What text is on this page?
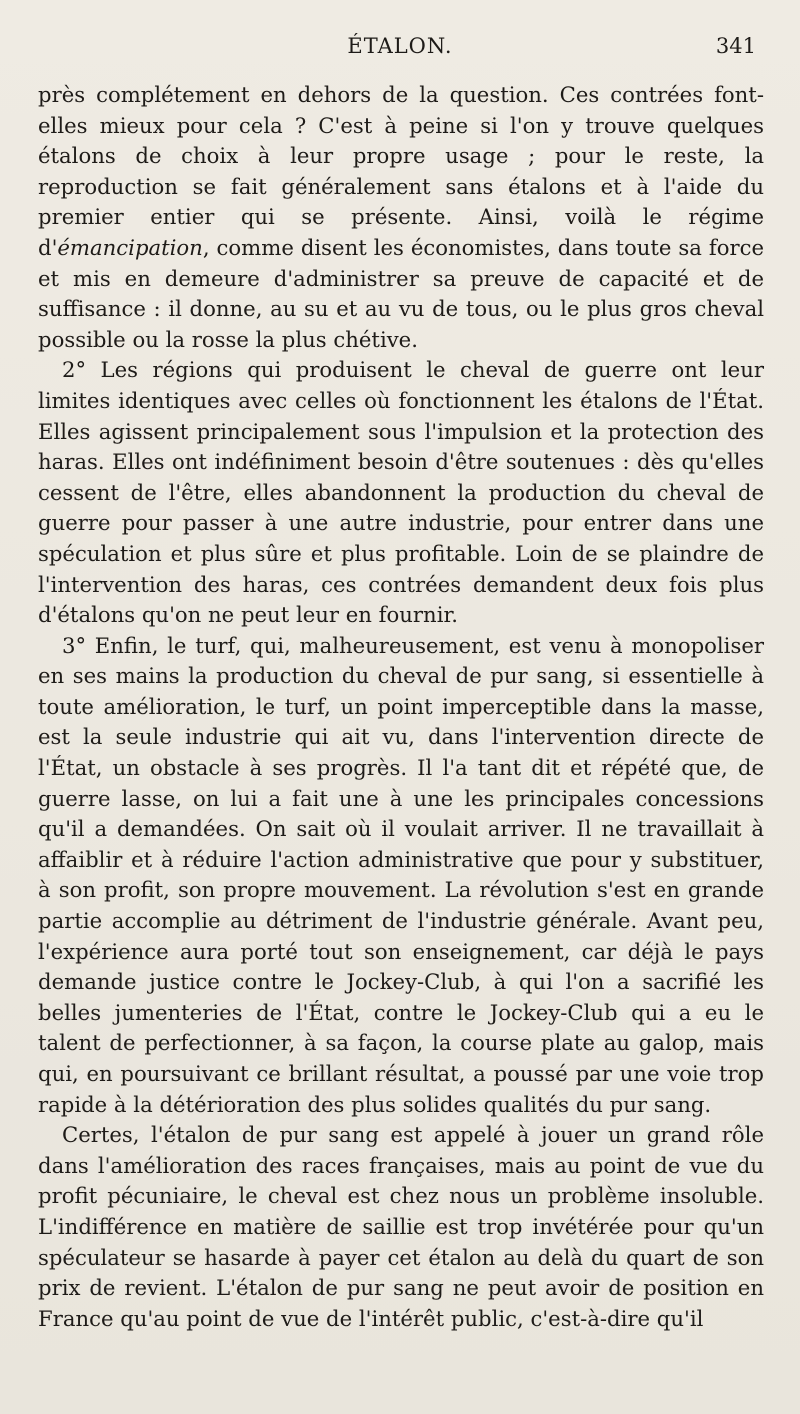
ÉTALON.	341

près complétement en dehors de la question. Ces contrées font-elles mieux pour cela ? C'est à peine si l'on y trouve quelques étalons de choix à leur propre usage ; pour le reste, la reproduction se fait généralement sans étalons et à l'aide du premier entier qui se présente. Ainsi, voilà le régime d'émancipation, comme disent les économistes, dans toute sa force et mis en demeure d'administrer sa preuve de capacité et de suffisance : il donne, au su et au vu de tous, ou le plus gros cheval possible ou la rosse la plus chétive.

2° Les régions qui produisent le cheval de guerre ont leur limites identiques avec celles où fonctionnent les étalons de l'État. Elles agissent principalement sous l'impulsion et la protection des haras. Elles ont indéfiniment besoin d'être soutenues : dès qu'elles cessent de l'être, elles abandonnent la production du cheval de guerre pour passer à une autre industrie, pour entrer dans une spéculation et plus sûre et plus profitable. Loin de se plaindre de l'intervention des haras, ces contrées demandent deux fois plus d'étalons qu'on ne peut leur en fournir.

3° Enfin, le turf, qui, malheureusement, est venu à monopoliser en ses mains la production du cheval de pur sang, si essentielle à toute amélioration, le turf, un point imperceptible dans la masse, est la seule industrie qui ait vu, dans l'intervention directe de l'État, un obstacle à ses progrès. Il l'a tant dit et répété que, de guerre lasse, on lui a fait une à une les principales concessions qu'il a demandées. On sait où il voulait arriver. Il ne travaillait à affaiblir et à réduire l'action administrative que pour y substituer, à son profit, son propre mouvement. La révolution s'est en grande partie accomplie au détriment de l'industrie générale. Avant peu, l'expérience aura porté tout son enseignement, car déjà le pays demande justice contre le Jockey-Club, à qui l'on a sacrifié les belles jumenteries de l'État, contre le Jockey-Club qui a eu le talent de perfectionner, à sa façon, la course plate au galop, mais qui, en poursuivant ce brillant résultat, a poussé par une voie trop rapide à la détérioration des plus solides qualités du pur sang.

Certes, l'étalon de pur sang est appelé à jouer un grand rôle dans l'amélioration des races françaises, mais au point de vue du profit pécuniaire, le cheval est chez nous un problème insoluble. L'indifférence en matière de saillie est trop invétérée pour qu'un spéculateur se hasarde à payer cet étalon au delà du quart de son prix de revient. L'étalon de pur sang ne peut avoir de position en France qu'au point de vue de l'intérêt public, c'est-à-dire qu'il
